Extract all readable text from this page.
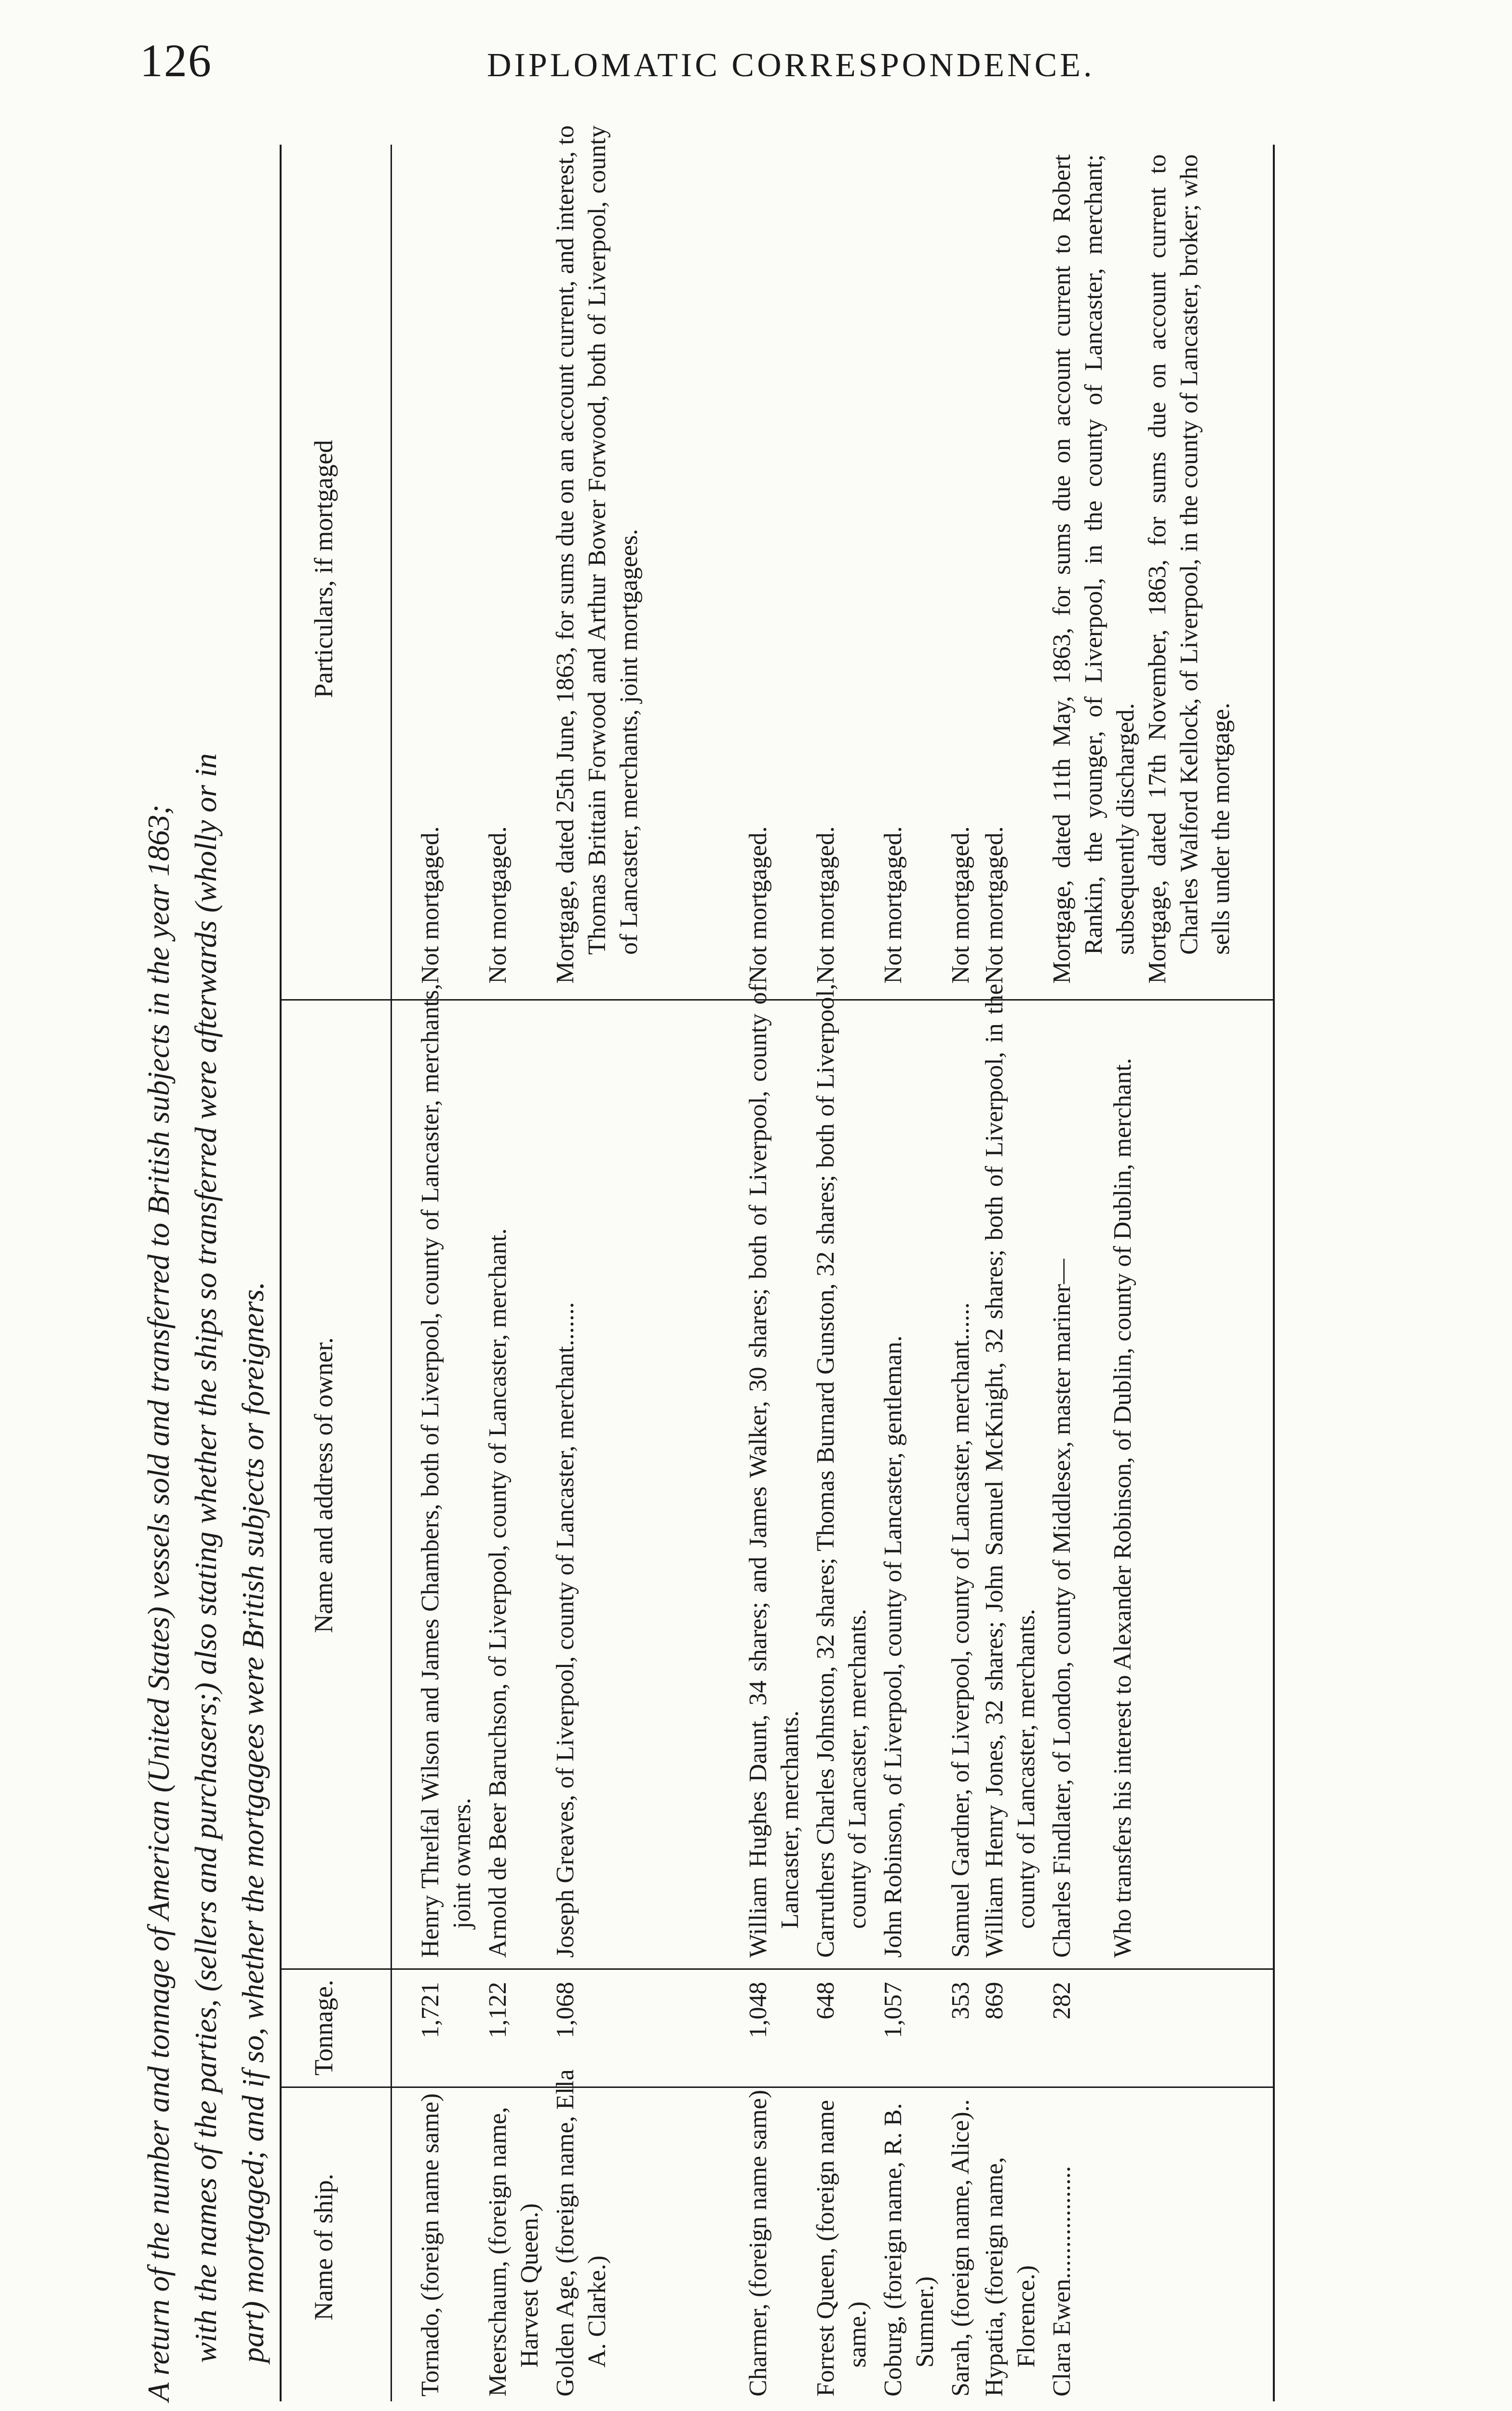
126	DIPLOMATIC CORRESPONDENCE.
A return of the number and tonnage of American (United States) vessels sold and transferred to British subjects in the year 1863; with the names of the parties, (sellers and purchasers;) also stating whether the ships so transferred were afterwards (wholly or in part) mortgaged; and if so, whether the mortgagees were British subjects or foreigners. Name of ship.
Tonnage.
Name and address of owner.
Particulars, if mortgaged
Tornado, (foreign name same)
1,721
Henry Threlfal Wilson and James Chambers, both of Liverpool, county of Lancaster, merchants, joint owners.
Not mortgaged.
Meerschaum, (foreign name, Harvest Queen.)
1,122
Arnold de Beer Baruchson, of Liverpool, county of Lancaster, merchant.
Not mortgaged.
Golden Age, (foreign name, Ella A. Clarke.)
1,068
Joseph Greaves, of Liverpool, county of Lancaster, merchant.......
Mortgage, dated 25th June, 1863, for sums due on an account current, and interest, to Thomas Brittain Forwood and Arthur Bower Forwood, both of Liverpool, county of Lancaster, merchants, joint mortgagees.
Charmer, (foreign name same)
1,048
William Hughes Daunt, 34 shares; and James Walker, 30 shares; both of Liverpool, county of Lancaster, merchants.
Not mortgaged.
Forrest Queen, (foreign name same.)
648
Carruthers Charles Johnston, 32 shares; Thomas Burnard Gunston, 32 shares; both of Liverpool, county of Lancaster, merchants.
Not mortgaged.
Coburg, (foreign name, R. B. Sumner.)
1,057
John Robinson, of Liverpool, county of Lancaster, gentleman.
Not mortgaged.
Sarah, (foreign name, Alice)..
353
Samuel Gardner, of Liverpool, county of Lancaster, merchant......
Not mortgaged.
Hypatia, (foreign name, Florence.)
869
William Henry Jones, 32 shares; John Samuel McKnight, 32 shares; both of Liverpool, in the county of Lancaster, merchants.
Not mortgaged.
Clara Ewen..................
282
Charles Findlater, of London, county of Middlesex, master mariner— Who transfers his interest to Alexander Robinson, of Dublin, county of Dublin, merchant.
Mortgage, dated 11th May, 1863, for sums due on account current to Robert Rankin, the younger, of Liverpool, in the county of Lancaster, merchant; subsequently discharged. Mortgage, dated 17th November, 1863, for sums due on account current to Charles Walford Kellock, of Liverpool, in the county of Lancaster, broker; who sells under the mortgage.
